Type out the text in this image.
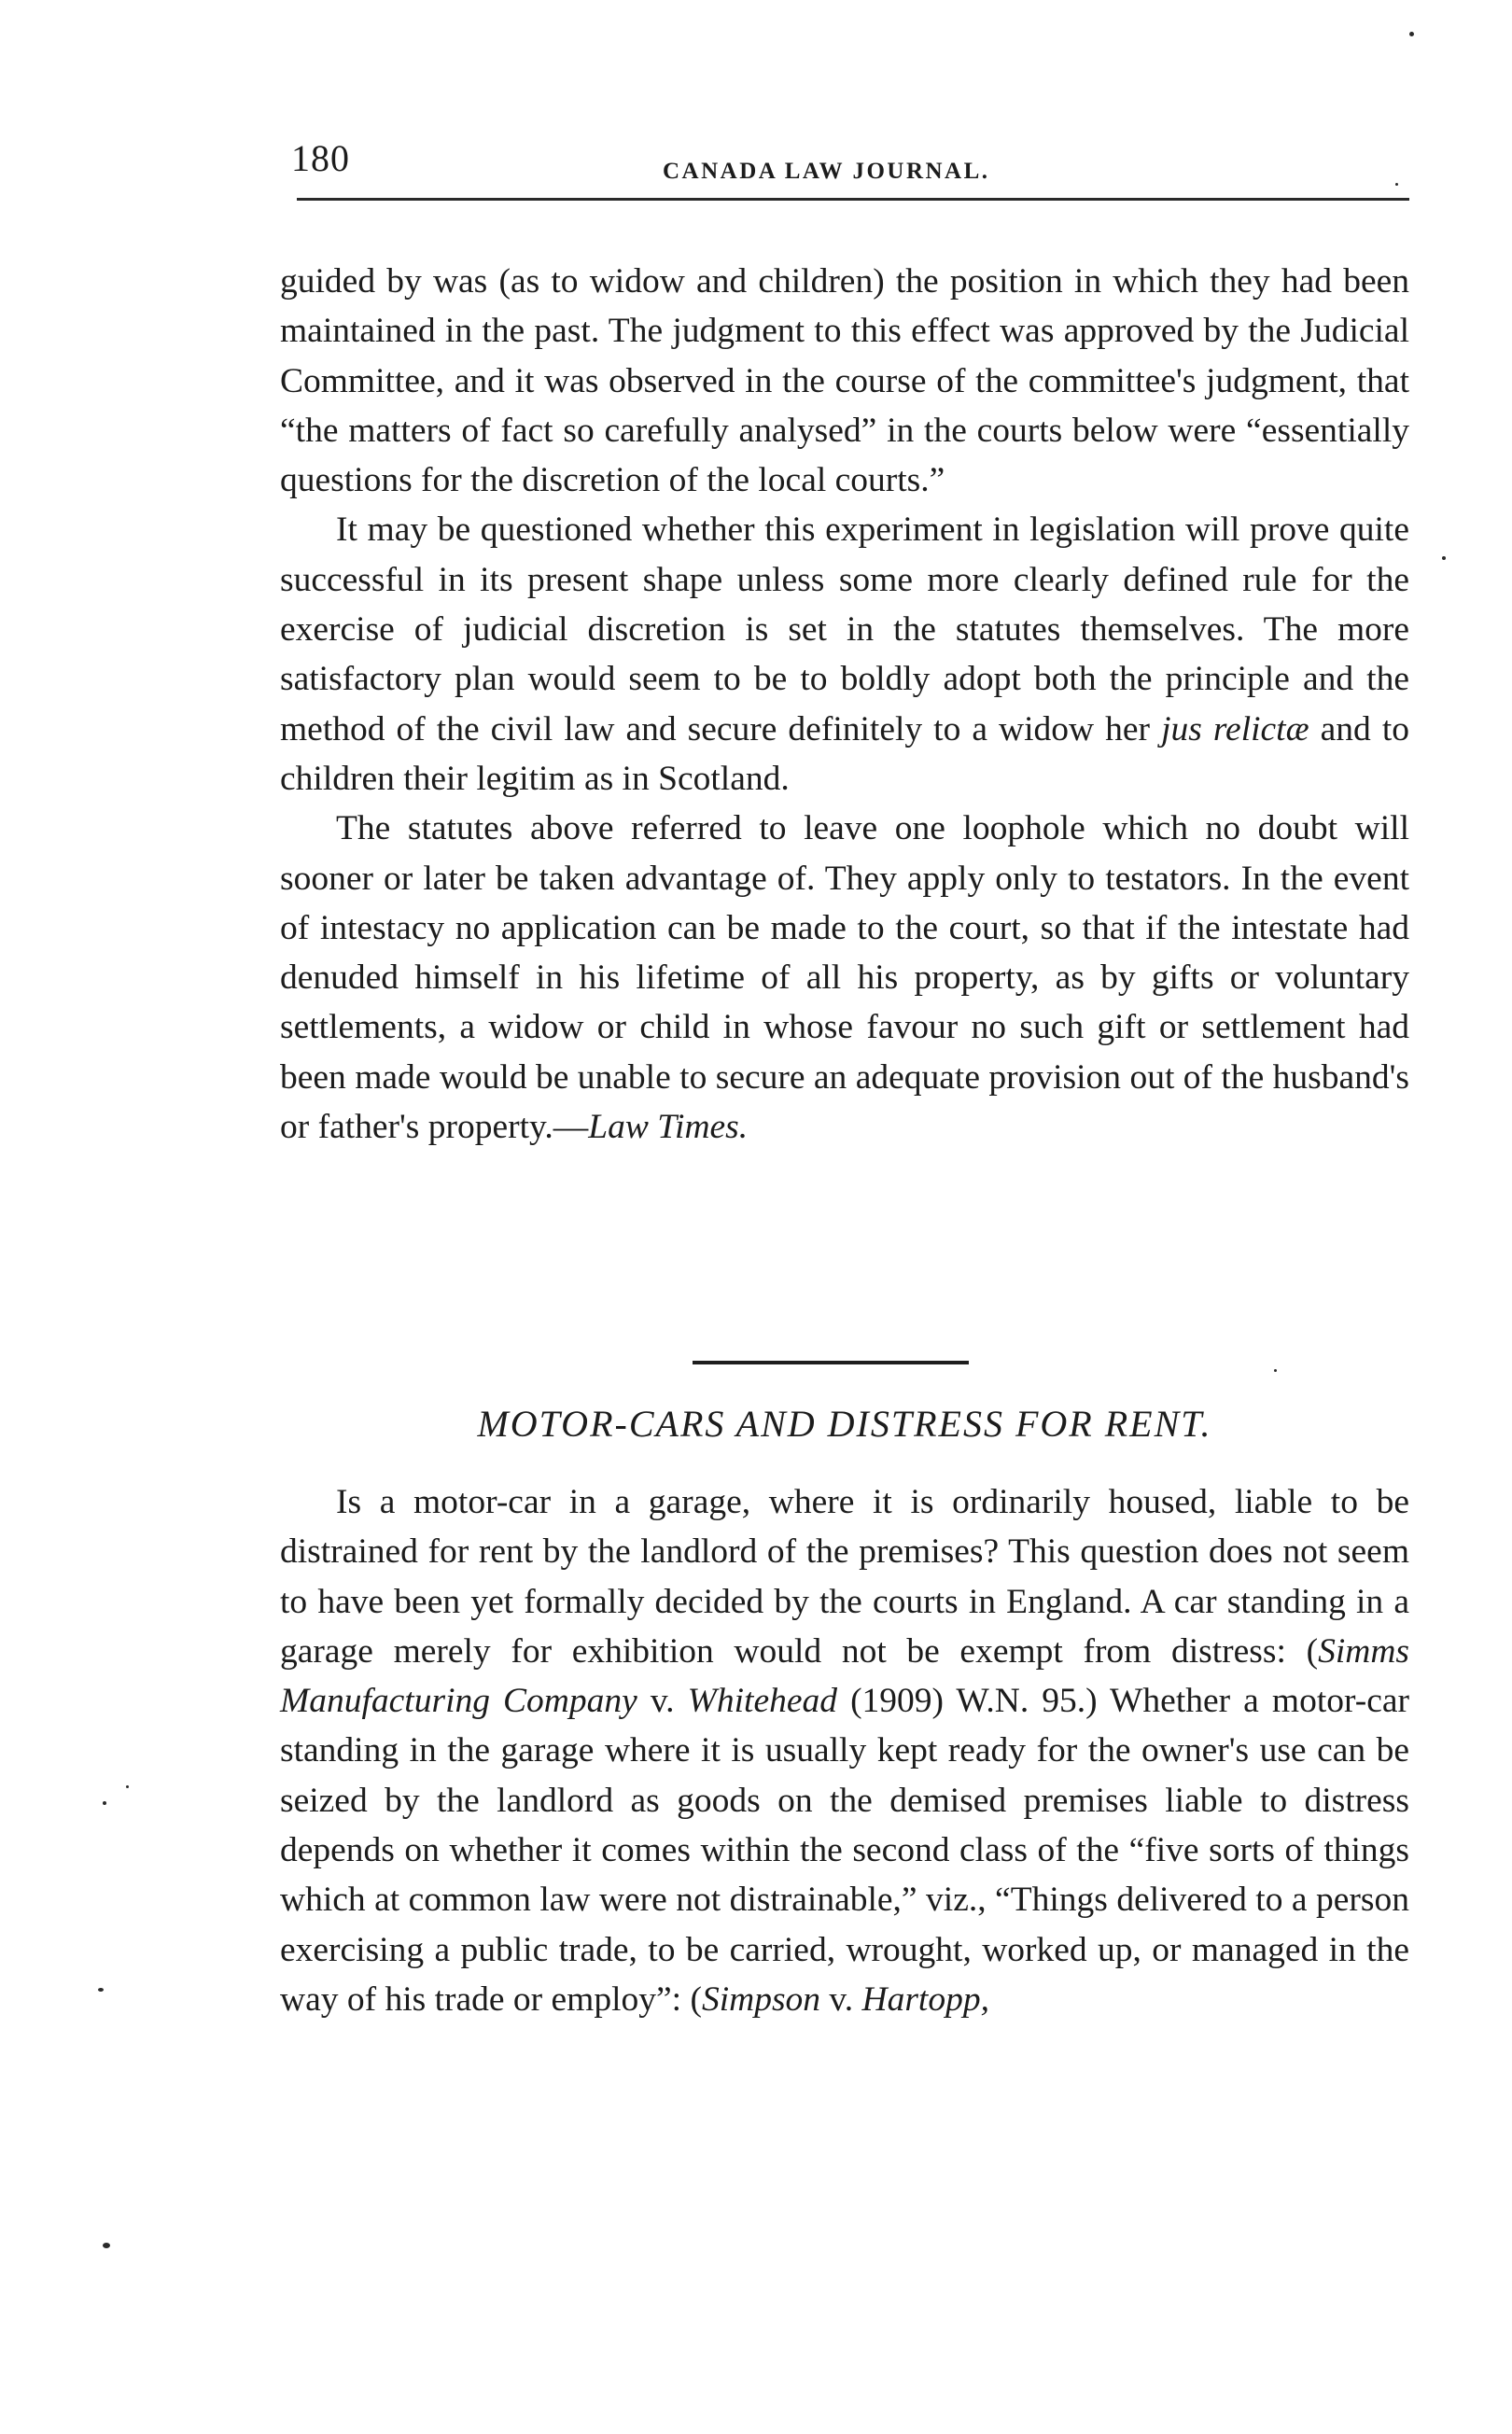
180	CANADA LAW JOURNAL.

guided by was (as to widow and children) the position in which they had been maintained in the past. The judgment to this effect was approved by the Judicial Committee, and it was observed in the course of the committee's judgment, that “the matters of fact so carefully analysed” in the courts below were “essentially questions for the discretion of the local courts.”

It may be questioned whether this experiment in legislation will prove quite successful in its present shape unless some more clearly defined rule for the exercise of judicial discretion is set in the statutes themselves. The more satisfactory plan would seem to be to boldly adopt both the principle and the method of the civil law and secure definitely to a widow her jus relictæ and to children their legitim as in Scotland.

The statutes above referred to leave one loophole which no doubt will sooner or later be taken advantage of. They apply only to testators. In the event of intestacy no application can be made to the court, so that if the intestate had denuded himself in his lifetime of all his property, as by gifts or voluntary settlements, a widow or child in whose favour no such gift or settlement had been made would be unable to secure an adequate provision out of the husband's or father's property.—Law Times.

MOTOR-CARS AND DISTRESS FOR RENT.

Is a motor-car in a garage, where it is ordinarily housed, liable to be distrained for rent by the landlord of the premises? This question does not seem to have been yet formally decided by the courts in England. A car standing in a garage merely for exhibition would not be exempt from distress: (Simms Manufacturing Company v. Whitehead (1909) W.N. 95.) Whether a motor-car standing in the garage where it is usually kept ready for the owner's use can be seized by the landlord as goods on the demised premises liable to distress depends on whether it comes within the second class of the “five sorts of things which at common law were not distrainable,” viz., “Things delivered to a person exercising a public trade, to be carried, wrought, worked up, or managed in the way of his trade or employ”: (Simpson v. Hartopp,
